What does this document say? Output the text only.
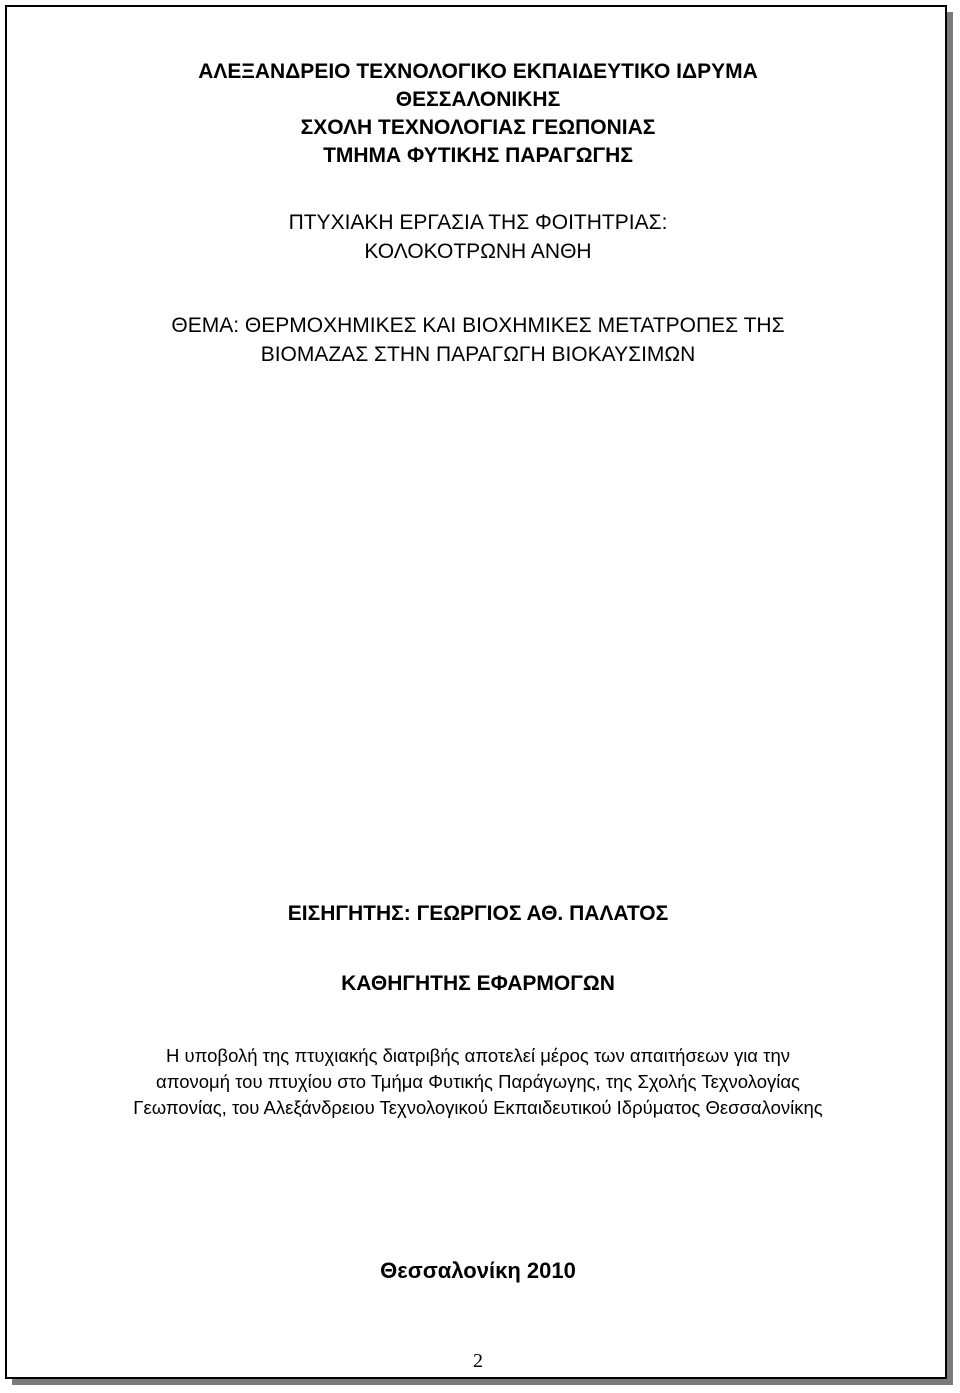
ΑΛΕΞΑΝΔΡΕΙΟ ΤΕΧΝΟΛΟΓΙΚΟ ΕΚΠΑΙΔΕΥΤΙΚΟ ΙΔΡΥΜΑ

ΘΕΣΣΑΛΟΝΙΚΗΣ

ΣΧΟΛΗ ΤΕΧΝΟΛΟΓΙΑΣ ΓΕΩΠΟΝΙΑΣ

ΤΜΗΜΑ ΦΥΤΙΚΗΣ ΠΑΡΑΓΩΓΗΣ

ΠΤΥΧΙΑΚΗ ΕΡΓΑΣΙΑ ΤΗΣ ΦΟΙΤΗΤΡΙΑΣ:

ΚΟΛΟΚΟΤΡΩΝΗ ΑΝΘΗ

ΘΕΜΑ: ΘΕΡΜΟΧΗΜΙΚΕΣ ΚΑΙ ΒΙΟΧΗΜΙΚΕΣ ΜΕΤΑΤΡΟΠΕΣ ΤΗΣ

ΒΙΟΜΑΖΑΣ ΣΤΗΝ ΠΑΡΑΓΩΓΗ ΒΙΟΚΑΥΣΙΜΩΝ

ΕΙΣΗΓΗΤΗΣ: ΓΕΩΡΓΙΟΣ ΑΘ. ΠΑΛΑΤΟΣ

ΚΑΘΗΓΗΤΗΣ ΕΦΑΡΜΟΓΩΝ

Η υποβολή της πτυχιακής διατριβής αποτελεί μέρος των απαιτήσεων για την

απονομή του πτυχίου στο Τμήμα Φυτικής Παράγωγης, της Σχολής Τεχνολογίας

Γεωπονίας, του Αλεξάνδρειου Τεχνολογικού Εκπαιδευτικού Ιδρύματος Θεσσαλονίκης

Θεσσαλονίκη 2010

2
